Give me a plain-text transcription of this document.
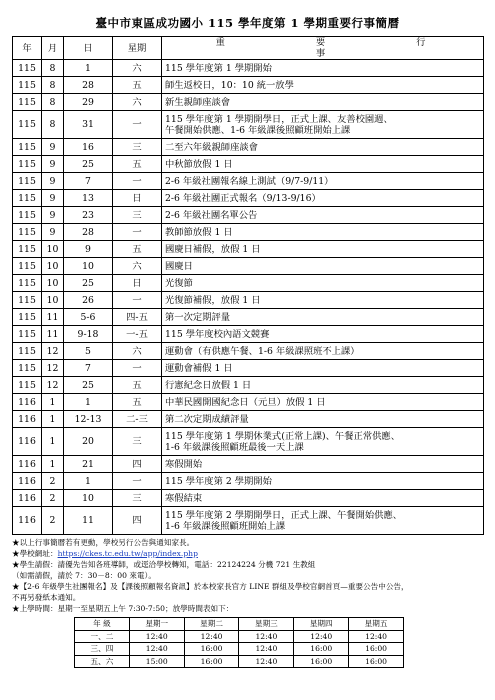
臺中市東區成功國小 115 學年度第 1 學期重要行事簡曆
年	月	日	星期	重 要 行 事
115	8	1	六	115 學年度第 1 學期開始
115	8	28	五	師生返校日，10：10 統一放學
115	8	29	六	新生親師座談會
115	8	31	一	115 學年度第 1 學期開學日，正式上課、友善校園週、
午餐開始供應、1-6 年級課後照顧班開始上課
115	9	16	三	二至六年級親師座談會
115	9	25	五	中秋節放假 1 日
115	9	7	一	2-6 年級社團報名線上測試（9/7-9/11）
115	9	13	日	2-6 年級社團正式報名（9/13-9/16）
115	9	23	三	2-6 年級社團名單公告
115	9	28	一	教師節放假 1 日
115	10	9	五	國慶日補假，放假 1 日
115	10	10	六	國慶日
115	10	25	日	光復節
115	10	26	一	光復節補假，放假 1 日
115	11	5-6	四-五	第一次定期評量
115	11	9-18	一-五	115 學年度校內語文競賽
115	12	5	六	運動會（有供應午餐、1-6 年級課照班不上課）
115	12	7	一	運動會補假 1 日
115	12	25	五	行憲紀念日放假 1 日
116	1	1	五	中華民國開國紀念日（元旦）放假 1 日
116	1	12-13	二-三	第二次定期成績評量
116	1	20	三	115 學年度第 1 學期休業式(正常上課)、午餐正常供應、
1-6 年級課後照顧班最後一天上課
116	1	21	四	寒假開始
116	2	1	一	115 學年度第 2 學期開始
116	2	10	三	寒假結束
116	2	11	四	115 學年度第 2 學期開學日，正式上課、午餐開始供應、
1-6 年級課後照顧班開始上課
★以上行事簡曆若有更動，學校另行公告與通知家長。
★學校網址：https://ckes.tc.edu.tw/app/index.php
★學生請假：請優先告知各班導師，或逕洽學校轉知，電話：22124224 分機 721 生教組
（如需請假，請於 7：30－8：00 來電）。
★【2-6 年級學生社團報名】及【課後照顧報名資訊】於本校家長官方 LINE 群組及學校官網首頁—重要公告中公告，
不再另發紙本通知。
★上學時間：星期一至星期五上午 7:30-7:50；放學時間表如下：
年 級	星期一	星期二	星期三	星期四	星期五
一、二	12:40	12:40	12:40	12:40	12:40
三、四	12:40	16:00	12:40	16:00	16:00
五、六	15:00	16:00	12:40	16:00	16:00
